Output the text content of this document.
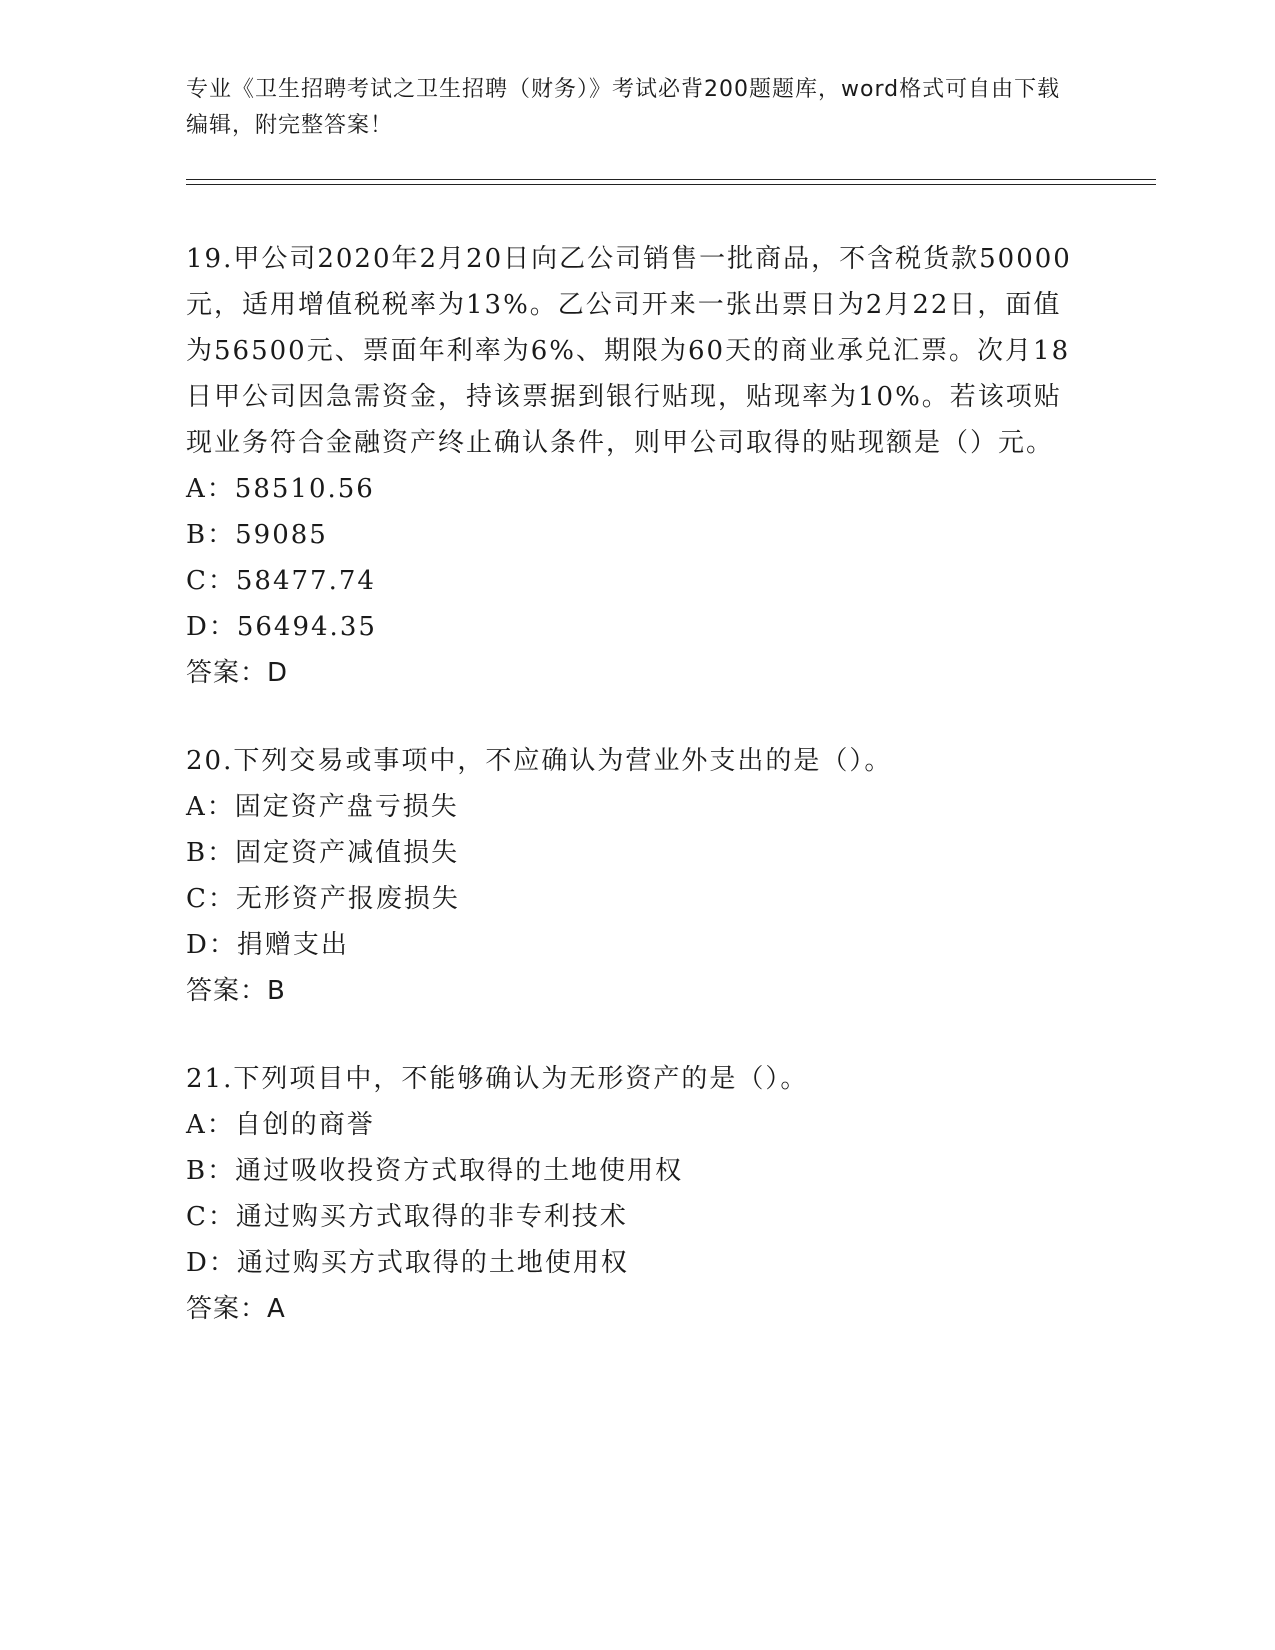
专业《卫生招聘考试之卫生招聘（财务）》考试必背200题题库，word格式可自由下载编辑，附完整答案！

19.甲公司2020年2月20日向乙公司销售一批商品，不含税货款50000元，适用增值税税率为13%。乙公司开来一张出票日为2月22日，面值为56500元、票面年利率为6%、期限为60天的商业承兑汇票。次月18日甲公司因急需资金，持该票据到银行贴现，贴现率为10%。若该项贴现业务符合金融资产终止确认条件，则甲公司取得的贴现额是（）元。

A：58510.56

B：59085

C：58477.74

D：56494.35

答案：D

20.下列交易或事项中，不应确认为营业外支出的是（）。

A：固定资产盘亏损失

B：固定资产减值损失

C：无形资产报废损失

D：捐赠支出

答案：B

21.下列项目中，不能够确认为无形资产的是（）。

A：自创的商誉

B：通过吸收投资方式取得的土地使用权

C：通过购买方式取得的非专利技术

D：通过购买方式取得的土地使用权

答案：A
